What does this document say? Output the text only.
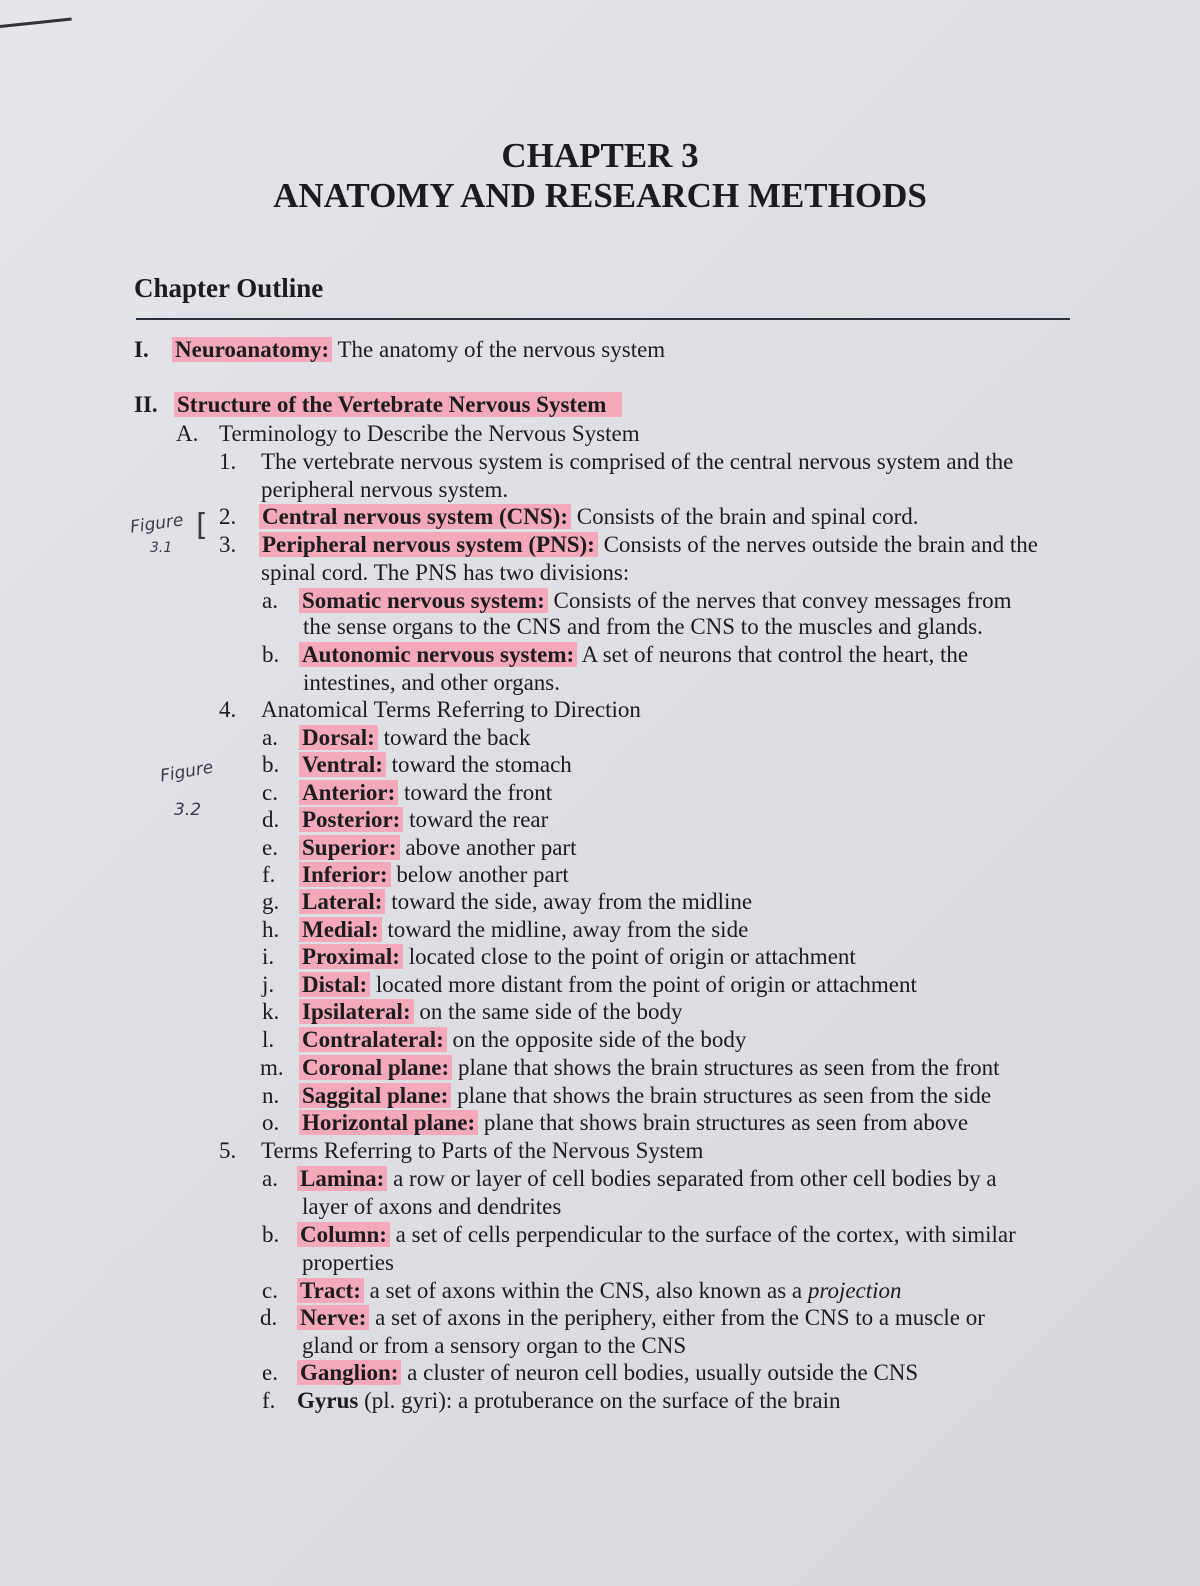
CHAPTER 3
ANATOMY AND RESEARCH METHODS
Chapter Outline
I. Neuroanatomy: The anatomy of the nervous system
II. Structure of the Vertebrate Nervous System
A. Terminology to Describe the Nervous System
1. The vertebrate nervous system is comprised of the central nervous system and the
peripheral nervous system.
Figure
3.1
[ 2. Central nervous system (CNS): Consists of the brain and spinal cord.
3. Peripheral nervous system (PNS): Consists of the nerves outside the brain and the
spinal cord. The PNS has two divisions:
a. Somatic nervous system: Consists of the nerves that convey messages from
the sense organs to the CNS and from the CNS to the muscles and glands.
b. Autonomic nervous system: A set of neurons that control the heart, the
intestines, and other organs.
4. Anatomical Terms Referring to Direction
Figure
3.2
a. Dorsal: toward the back
b. Ventral: toward the stomach
c. Anterior: toward the front
d. Posterior: toward the rear
e. Superior: above another part
f. Inferior: below another part
g. Lateral: toward the side, away from the midline
h. Medial: toward the midline, away from the side
i. Proximal: located close to the point of origin or attachment
j. Distal: located more distant from the point of origin or attachment
k. Ipsilateral: on the same side of the body
l. Contralateral: on the opposite side of the body
m. Coronal plane: plane that shows the brain structures as seen from the front
n. Saggital plane: plane that shows the brain structures as seen from the side
o. Horizontal plane: plane that shows brain structures as seen from above
5. Terms Referring to Parts of the Nervous System
a. Lamina: a row or layer of cell bodies separated from other cell bodies by a
layer of axons and dendrites
b. Column: a set of cells perpendicular to the surface of the cortex, with similar
properties
c. Tract: a set of axons within the CNS, also known as a projection
d. Nerve: a set of axons in the periphery, either from the CNS to a muscle or
gland or from a sensory organ to the CNS
e. Ganglion: a cluster of neuron cell bodies, usually outside the CNS
f. Gyrus (pl. gyri): a protuberance on the surface of the brain
